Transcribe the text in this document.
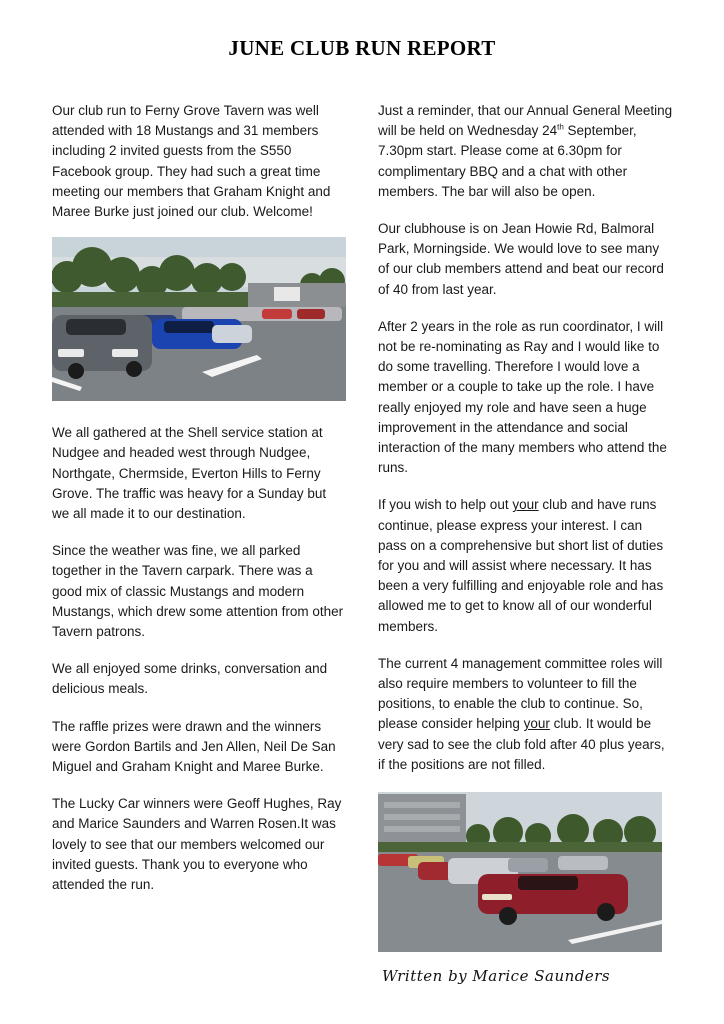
JUNE CLUB RUN REPORT

Our club run to Ferny Grove Tavern was well attended with 18 Mustangs and 31 members including 2 invited guests from the S550 Facebook group. They had such a great time meeting our members that Graham Knight and Maree Burke just joined our club. Welcome!

We all gathered at the Shell service station at Nudgee and headed west through Nudgee, Northgate, Chermside, Everton Hills to Ferny Grove. The traffic was heavy for a Sunday but we all made it to our destination.

Since the weather was fine, we all parked together in the Tavern carpark. There was a good mix of classic Mustangs and modern Mustangs, which drew some attention from other Tavern patrons.

We all enjoyed some drinks, conversation and delicious meals.

The raffle prizes were drawn and the winners were Gordon Bartils and Jen Allen, Neil De San Miguel and Graham Knight and Maree Burke.

The Lucky Car winners were Geoff Hughes, Ray and Marice Saunders and Warren Rosen.It was lovely to see that our members welcomed our invited guests. Thank you to everyone who attended the run.

Just a reminder, that our Annual General Meeting will be held on Wednesday 24th September, 7.30pm start. Please come at 6.30pm for complimentary BBQ and a chat with other members. The bar will also be open.

Our clubhouse is on Jean Howie Rd, Balmoral Park, Morningside. We would love to see many of our club members attend and beat our record of 40 from last year.

After 2 years in the role as run coordinator, I will not be re-nominating as Ray and I would like to do some travelling. Therefore I would love a member or a couple to take up the role. I have really enjoyed my role and have seen a huge improvement in the attendance and social interaction of the many members who attend the runs.

If you wish to help out your club and have runs continue, please express your interest. I can pass on a comprehensive but short list of duties for you and will assist where necessary. It has been a very fulfilling and enjoyable role and has allowed me to get to know all of our wonderful members.

The current 4 management committee roles will also require members to volunteer to fill the positions, to enable the club to continue. So, please consider helping your club. It would be very sad to see the club fold after 40 plus years, if the positions are not filled.

Written by Marice Saunders
